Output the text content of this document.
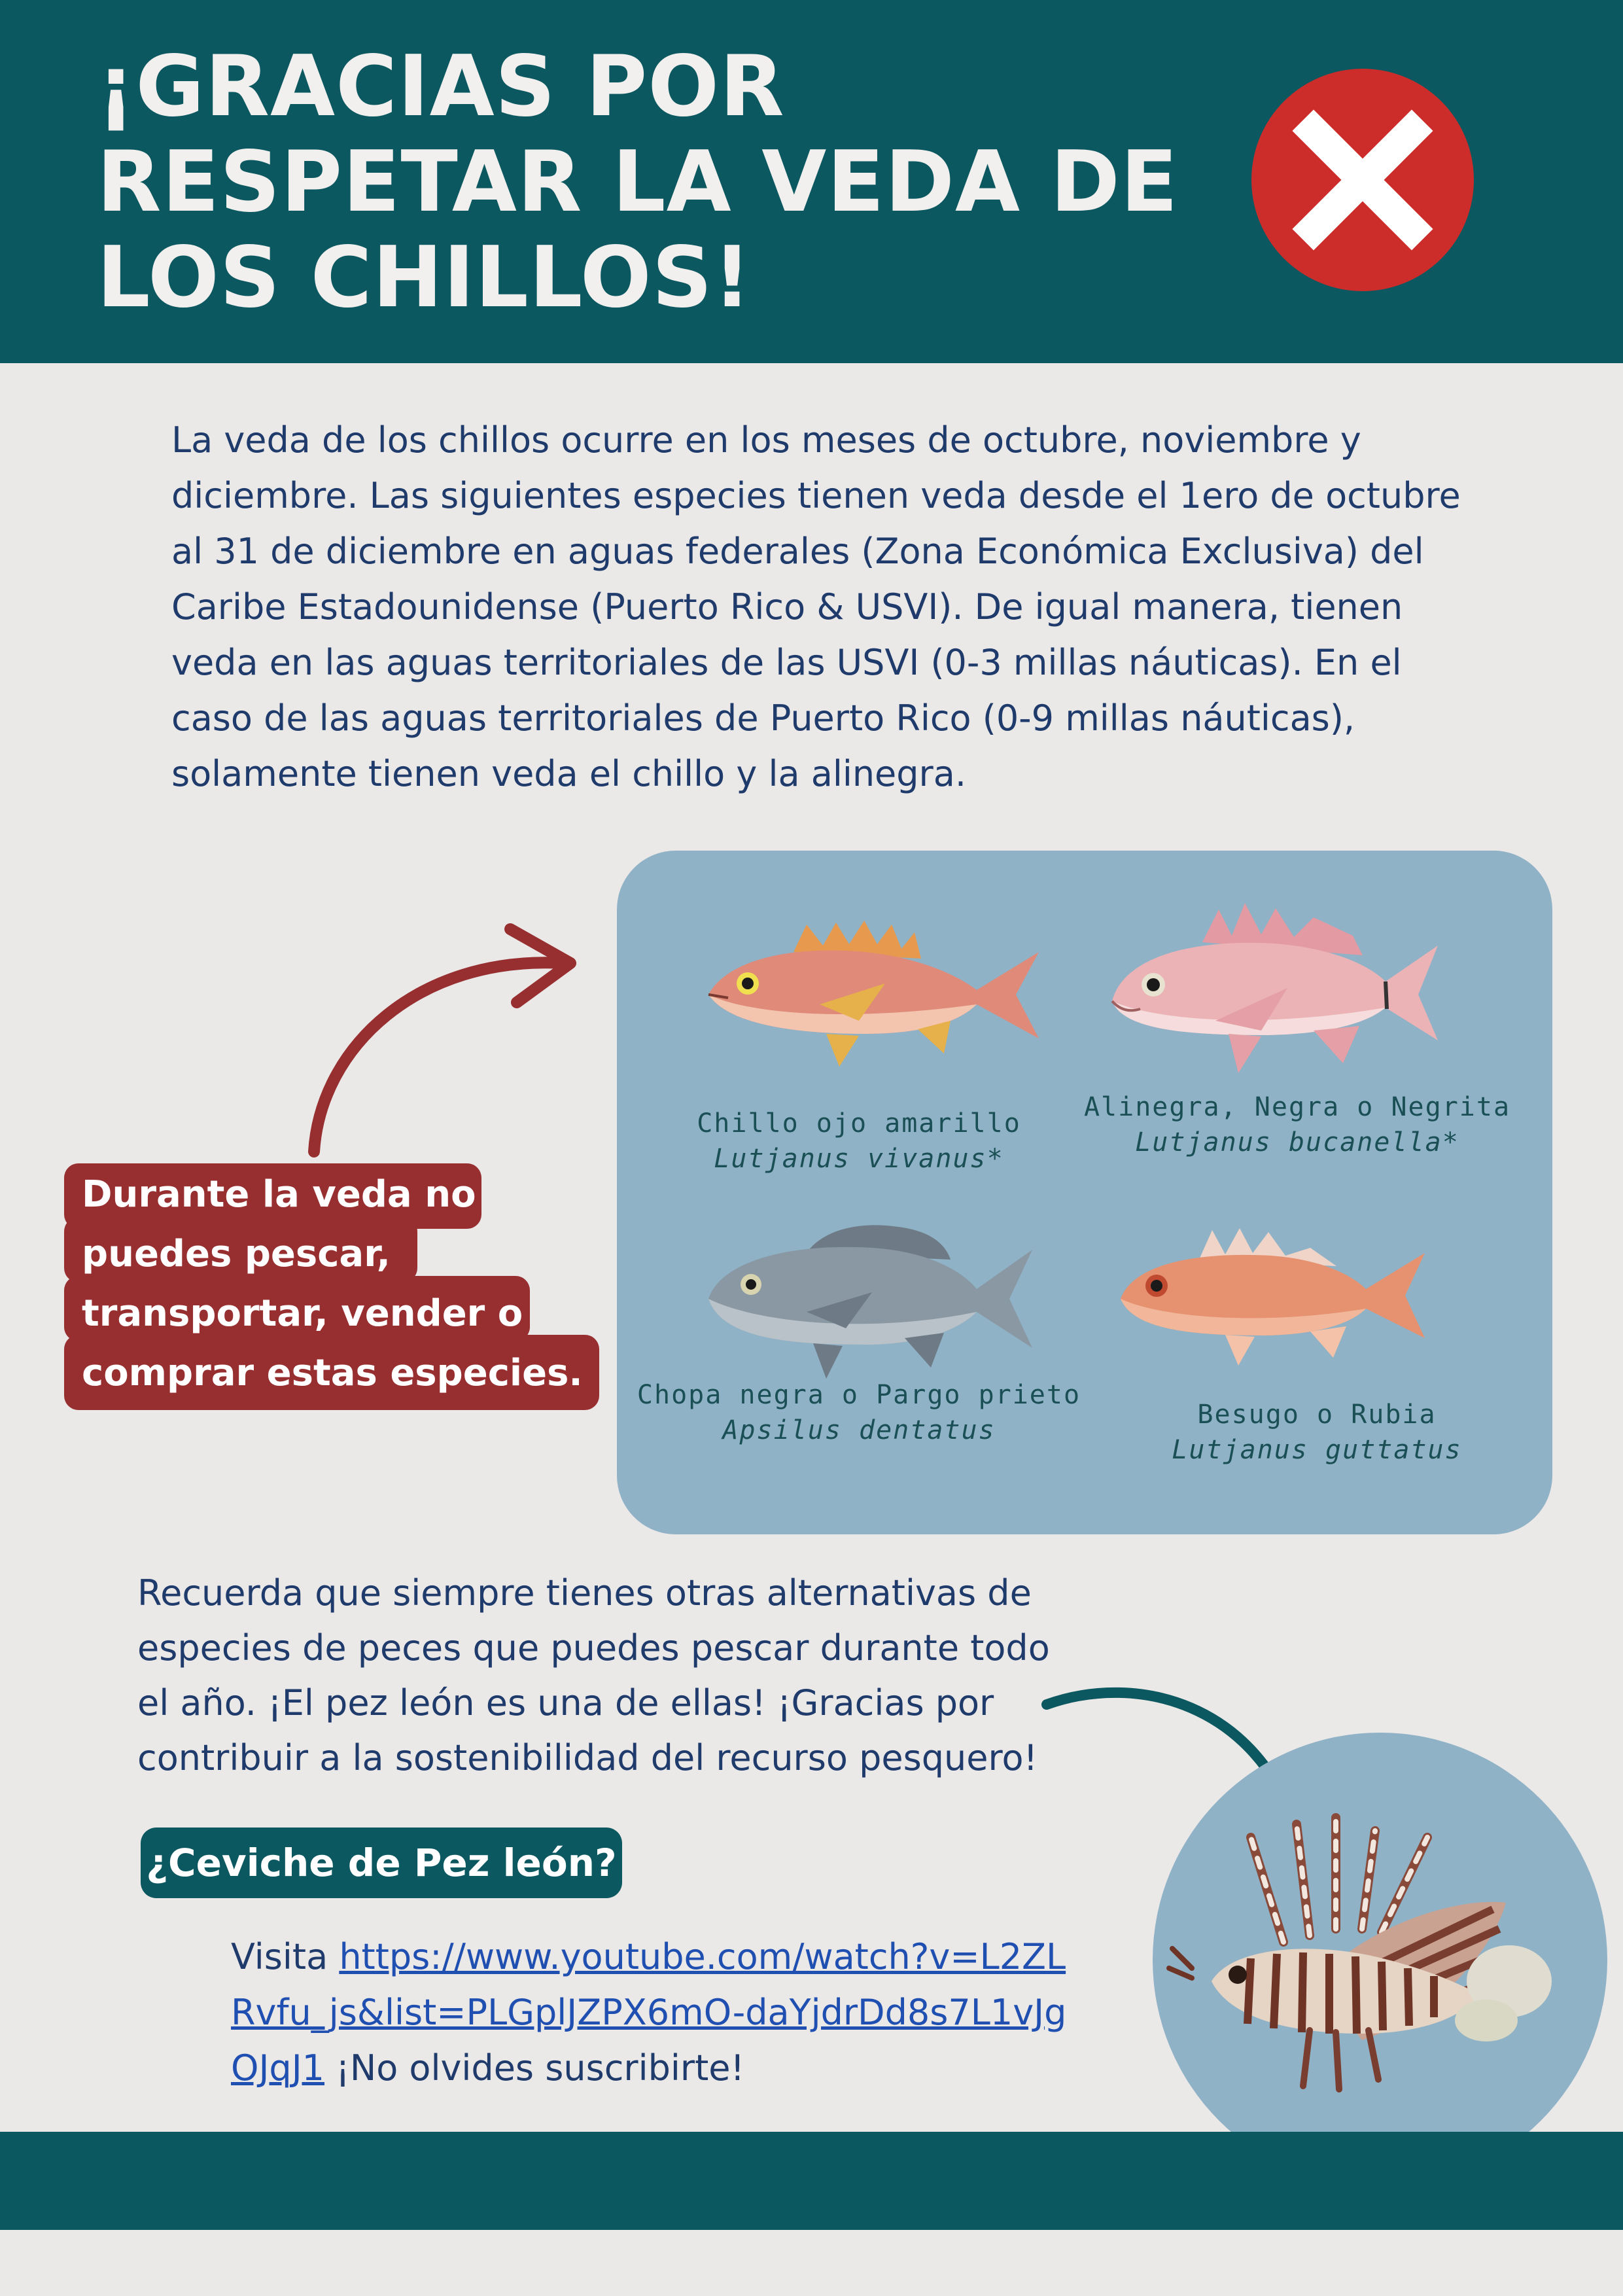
¡GRACIAS POR RESPETAR LA VEDA DE LOS CHILLOS!
La veda de los chillos ocurre en los meses de octubre, noviembre y diciembre. Las siguientes especies tienen veda desde el 1ero de octubre al 31 de diciembre en aguas federales (Zona Económica Exclusiva) del Caribe Estadounidense (Puerto Rico & USVI). De igual manera, tienen veda en las aguas territoriales de las USVI (0-3 millas náuticas). En el caso de las aguas territoriales de Puerto Rico (0-9 millas náuticas), solamente tienen veda el chillo y la alinegra.
Chillo ojo amarillo
Lutjanus vivanus*
Alinegra, Negra o Negrita
Lutjanus bucanella*
Chopa negra o Pargo prieto
Apsilus dentatus
Besugo o Rubia
Lutjanus guttatus
Durante la veda no
puedes pescar,
transportar, vender o
comprar estas especies.
Recuerda que siempre tienes otras alternativas de especies de peces que puedes pescar durante todo el año. ¡El pez león es una de ellas! ¡Gracias por contribuir a la sostenibilidad del recurso pesquero!
¿Ceviche de Pez león?
Visita https://www.youtube.com/watch?v=L2ZLRvfu_js&list=PLGplJZPX6mO-daYjdrDd8s7L1vJgOJqJ1 ¡No olvides suscribirte!
